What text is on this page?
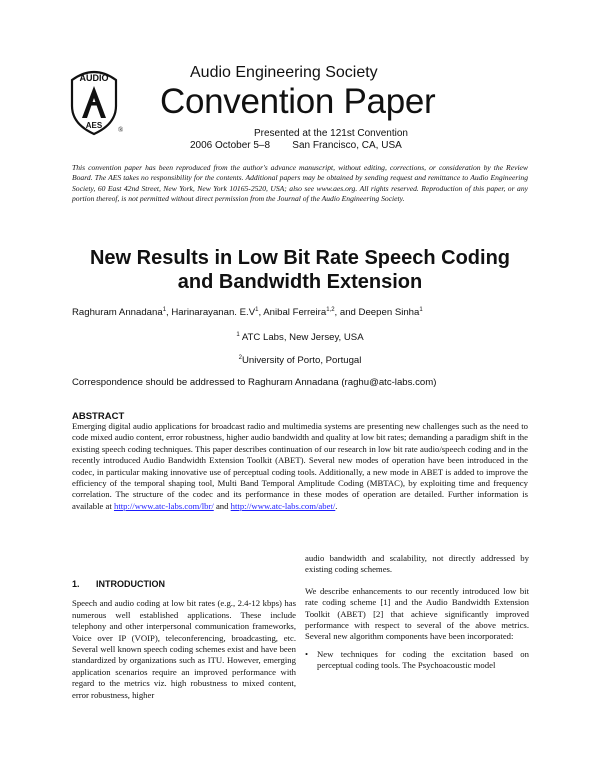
AUDIO
AES ®
Audio Engineering Society
Convention Paper
Presented at the 121st Convention
2006 October 5–8 San Francisco, CA, USA
This convention paper has been reproduced from the author's advance manuscript, without editing, corrections, or consideration by the Review Board. The AES takes no responsibility for the contents. Additional papers may be obtained by sending request and remittance to Audio Engineering Society, 60 East 42nd Street, New York, New York 10165-2520, USA; also see www.aes.org. All rights reserved. Reproduction of this paper, or any portion thereof, is not permitted without direct permission from the Journal of the Audio Engineering Society.
New Results in Low Bit Rate Speech Coding
and Bandwidth Extension
Raghuram Annadana$^1$, Harinarayanan. $E.V^1$, Anibal Ferreira$^{1,2}$, and Deepen Sinha$^1$
$^1$ ATC Labs, New Jersey, USA
$^2$University of Porto, Portugal
Correspondence should be addressed to Raghuram Annadana (raghu@atc-labs.com)
ABSTRACT
Emerging digital audio applications for broadcast radio and multimedia systems are presenting new challenges such as the need to code mixed audio content, error robustness, higher audio bandwidth and quality at low bit rates; demanding a paradigm shift in the existing speech coding techniques. This paper describes continuation of our research in low bit rate audio/speech coding and in the recently introduced Audio Bandwidth Extension Toolkit (ABET). Several new modes of operation have been introduced in the codec, in particular making innovative use of perceptual coding tools. Additionally, a new mode in ABET is added to improve the efficiency of the temporal shaping tool, Multi Band Temporal Amplitude Coding (MBTAC), by exploiting time and frequency correlation. The structure of the codec and its performance in these modes of operation are detailed. Further information is available at http://www.atc-labs.com/lbr/ and http://www.atc-labs.com/abet/.
1. INTRODUCTION

Speech and audio coding at low bit rates (e.g., 2.4-12 kbps) has numerous well established applications. These include telephony and other interpersonal communication frameworks, Voice over IP (VOIP), teleconferencing, broadcasting, etc. Several well known speech coding schemes exist and have been standardized by organizations such as ITU. However, emerging application scenarios require an improved performance with regard to the metrics viz. high robustness to mixed content, error robustness, higher

audio bandwidth and scalability, not directly addressed by existing coding schemes.

We describe enhancements to our recently introduced low bit rate coding scheme [1] and the Audio Bandwidth Extension Toolkit (ABET) [2] that achieve significantly improved performance with respect to several of the above metrics. Several new algorithm components have been incorporated:

•	New techniques for coding the excitation based on perceptual coding tools. The Psychoacoustic model
